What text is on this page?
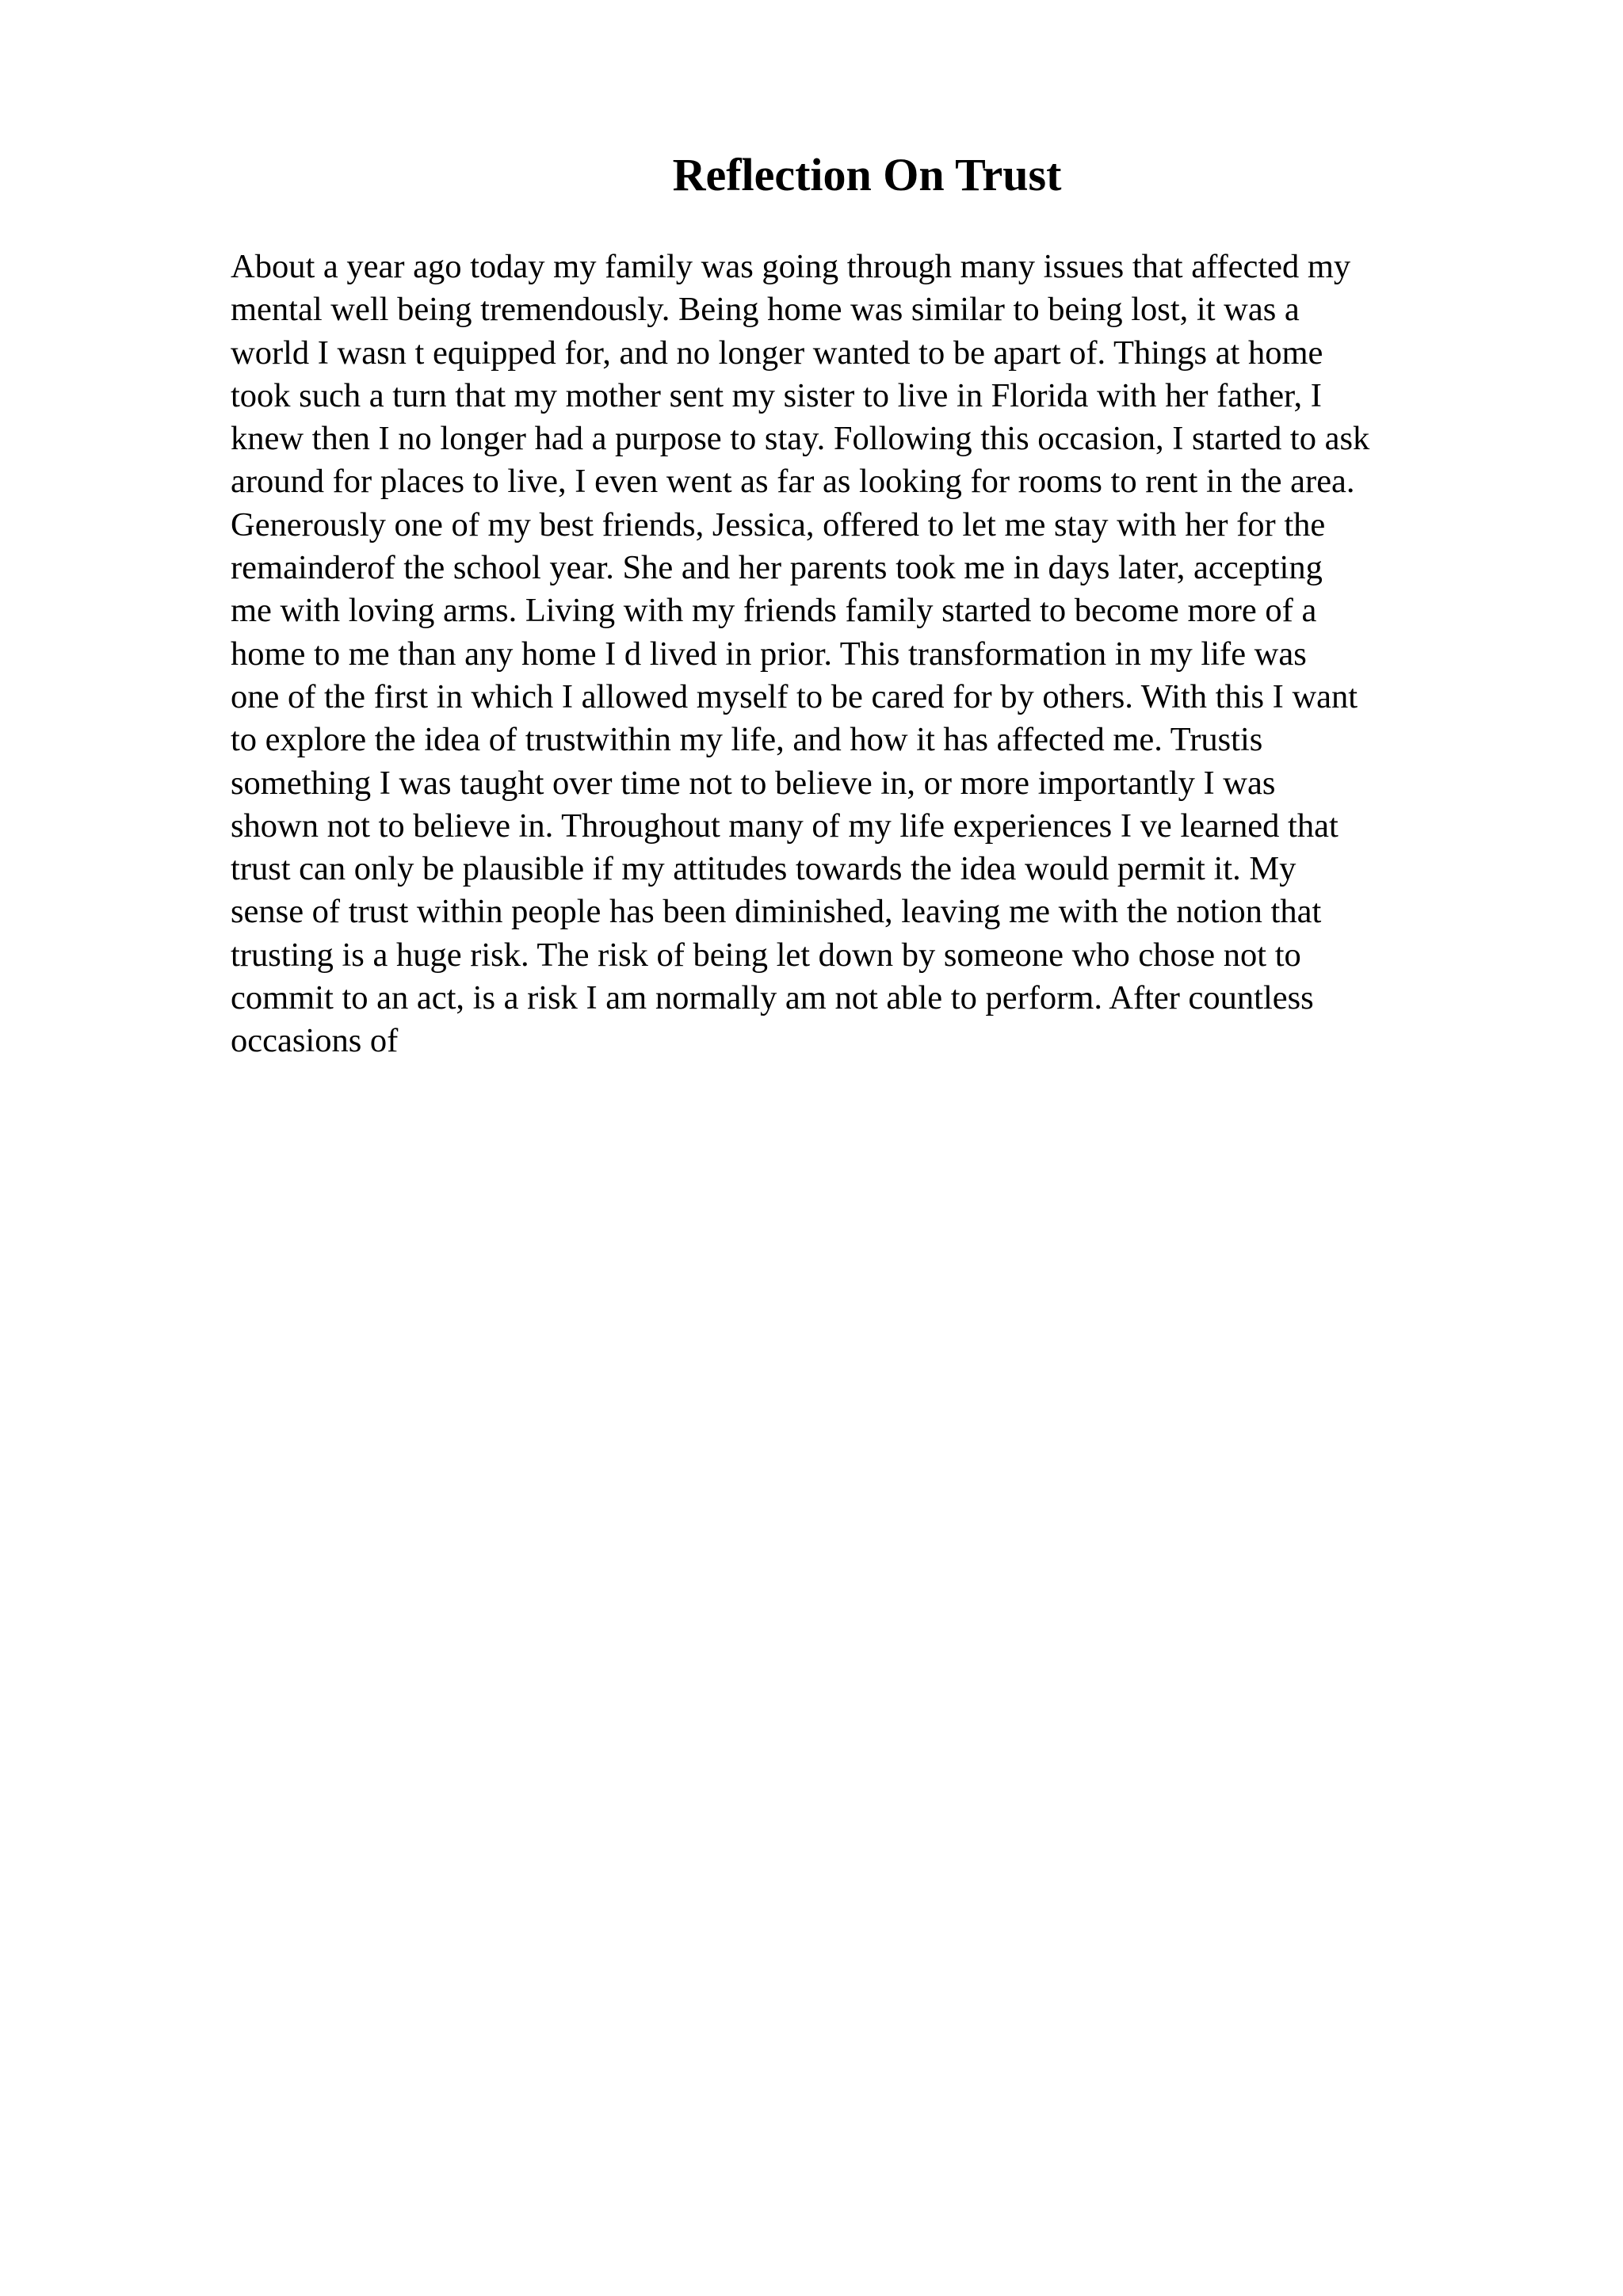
Reflection On Trust
About a year ago today my family was going through many issues that affected my
mental well being tremendously. Being home was similar to being lost, it was a
world I wasn t equipped for, and no longer wanted to be apart of. Things at home
took such a turn that my mother sent my sister to live in Florida with her father, I
knew then I no longer had a purpose to stay. Following this occasion, I started to ask
around for places to live, I even went as far as looking for rooms to rent in the area.
Generously one of my best friends, Jessica, offered to let me stay with her for the
remainderof the school year. She and her parents took me in days later, accepting
me with loving arms. Living with my friends family started to become more of a
home to me than any home I d lived in prior. This transformation in my life was
one of the first in which I allowed myself to be cared for by others. With this I want
to explore the idea of trustwithin my life, and how it has affected me. Trustis
something I was taught over time not to believe in, or more importantly I was
shown not to believe in. Throughout many of my life experiences I ve learned that
trust can only be plausible if my attitudes towards the idea would permit it. My
sense of trust within people has been diminished, leaving me with the notion that
trusting is a huge risk. The risk of being let down by someone who chose not to
commit to an act, is a risk I am normally am not able to perform. After countless
occasions of
